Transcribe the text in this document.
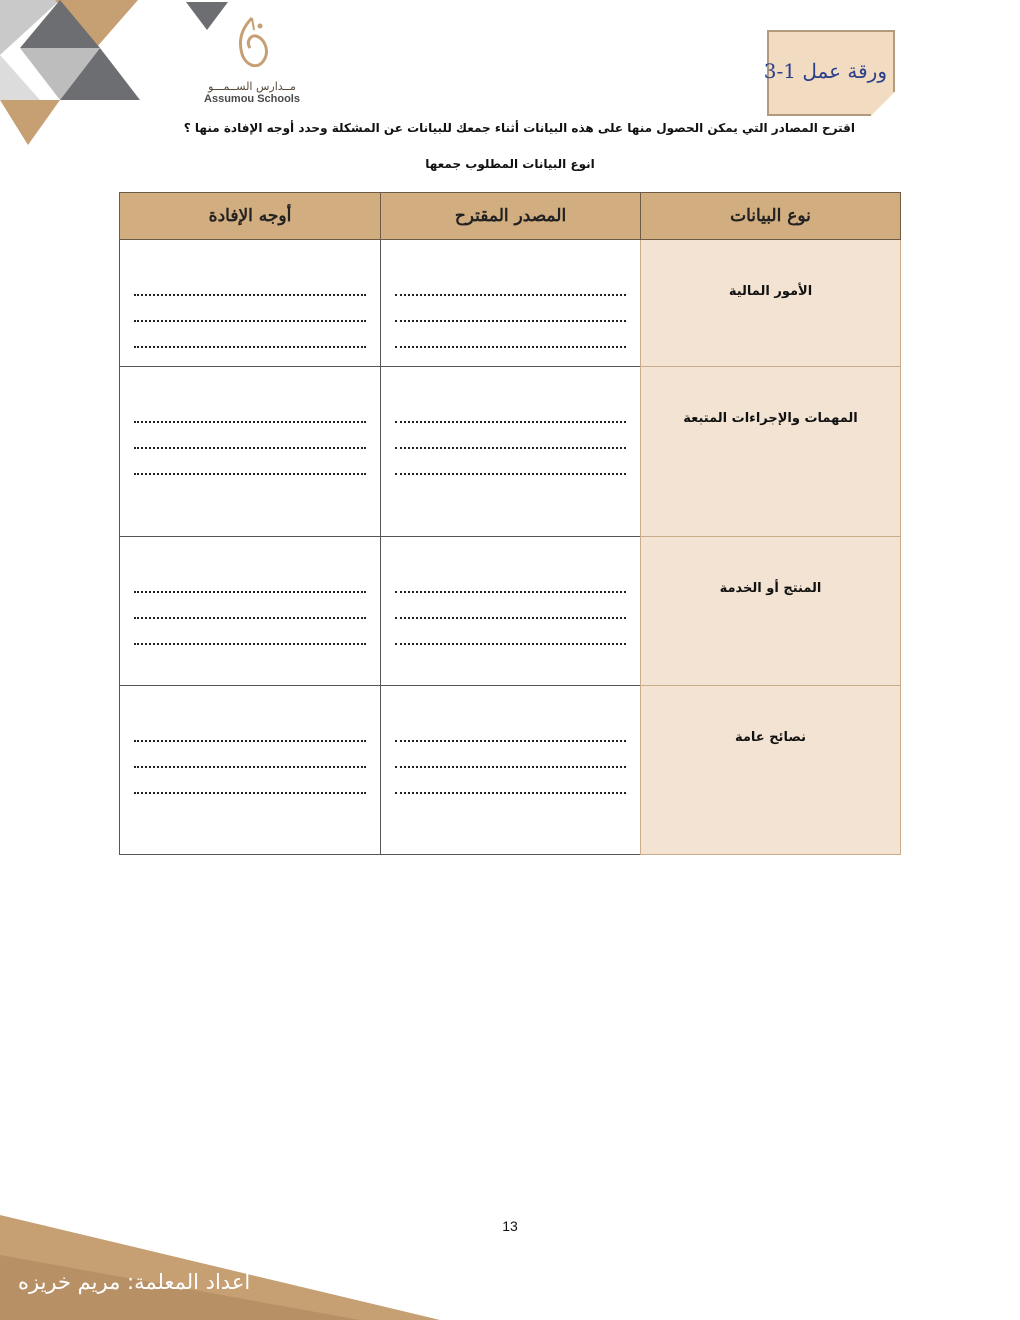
مــدارس الســمـــو
Assumou Schools
ورقة عمل 1-3
اقترح المصادر التي يمكن الحصول منها على هذه البيانات أثناء جمعك للبيانات عن المشكلة وحدد أوجه الإفادة منها ؟
انوع البيانات المطلوب جمعها
نوع البيانات	المصدر المقترح	أوجه الإفادة

الأمور المالية		

المهمات والإجراءات المتبعة		

المنتج أو الخدمة		

نصائح عامة		

13
أعداد المعلمة: مريم خريزه
